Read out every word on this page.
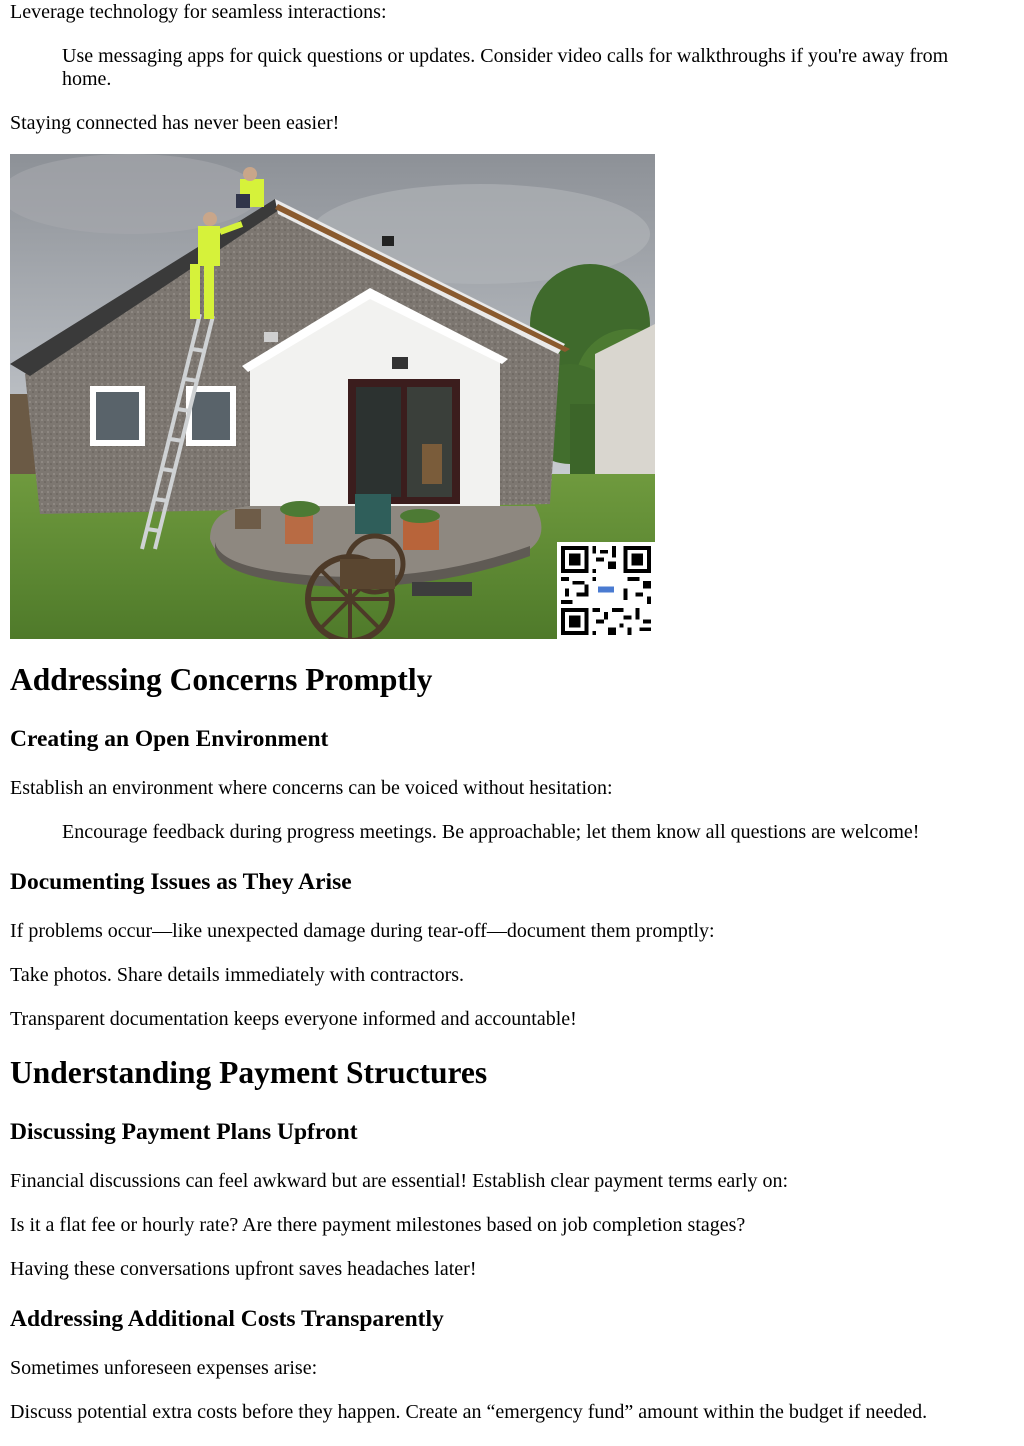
Leverage technology for seamless interactions:
Use messaging apps for quick questions or updates. Consider video calls for walkthroughs if you're away from home.
Staying connected has never been easier!
Addressing Concerns Promptly
Creating an Open Environment
Establish an environment where concerns can be voiced without hesitation:
Encourage feedback during progress meetings. Be approachable; let them know all questions are welcome!
Documenting Issues as They Arise
If problems occur—like unexpected damage during tear-off—document them promptly:
Take photos. Share details immediately with contractors.
Transparent documentation keeps everyone informed and accountable!
Understanding Payment Structures
Discussing Payment Plans Upfront
Financial discussions can feel awkward but are essential! Establish clear payment terms early on:
Is it a flat fee or hourly rate? Are there payment milestones based on job completion stages?
Having these conversations upfront saves headaches later!
Addressing Additional Costs Transparently
Sometimes unforeseen expenses arise:
Discuss potential extra costs before they happen. Create an “emergency fund” amount within the budget if needed.
